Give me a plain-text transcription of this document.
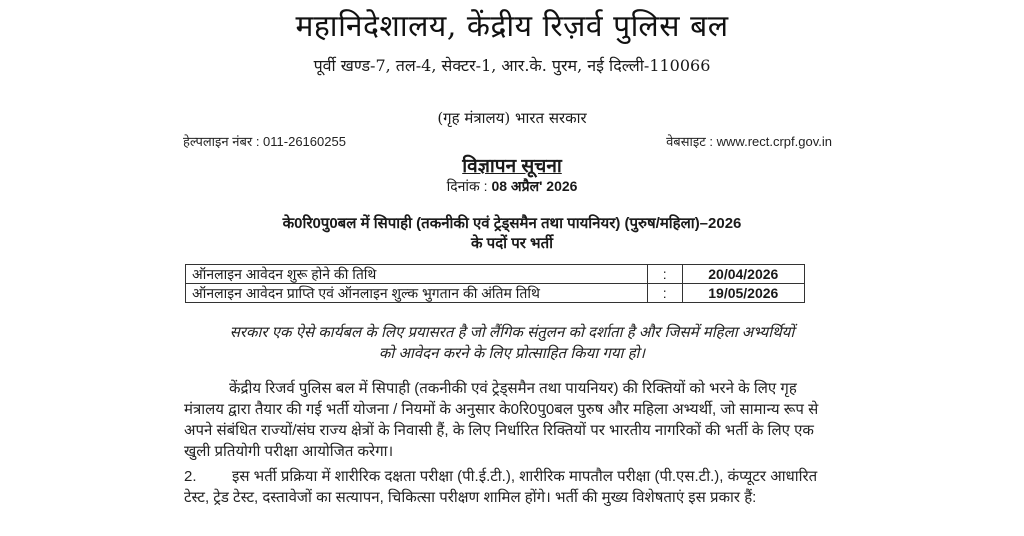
महानिदेशालय, केंद्रीय रिज़र्व पुलिस बल
पूर्वी खण्ड-7, तल-4, सेक्टर-1, आर.के. पुरम, नई दिल्ली-110066
(गृह मंत्रालय) भारत सरकार
हेल्पलाइन नंबर : 011-26160255	वेबसाइट : www.rect.crpf.gov.in
विज्ञापन सूचना
दिनांक : 08 अप्रैल' 2026
के0रि0पु0बल में सिपाही (तकनीकी एवं ट्रेड्समैन तथा पायनियर) (पुरुष/महिला)–2026
के पदों पर भर्ती
ऑनलाइन आवेदन शुरू होने की तिथि	:	20/04/2026
ऑनलाइन आवेदन प्राप्ति एवं ऑनलाइन शुल्क भुगतान की अंतिम तिथि	:	19/05/2026
सरकार एक ऐसे कार्यबल के लिए प्रयासरत है जो लैंगिक संतुलन को दर्शाता है और जिसमें महिला अभ्यर्थियों
को आवेदन करने के लिए प्रोत्साहित किया गया हो।
केंद्रीय रिजर्व पुलिस बल में सिपाही (तकनीकी एवं ट्रेड्समैन तथा पायनियर) की रिक्तियों को भरने के लिए गृह मंत्रालय द्वारा तैयार की गई भर्ती योजना / नियमों के अनुसार के0रि0पु0बल पुरुष और महिला अभ्यर्थी, जो सामान्य रूप से अपने संबंधित राज्यों/संघ राज्य क्षेत्रों के निवासी हैं, के लिए निर्धारित रिक्तियों पर भारतीय नागरिकों की भर्ती के लिए एक खुली प्रतियोगी परीक्षा आयोजित करेगा।
2. इस भर्ती प्रक्रिया में शारीरिक दक्षता परीक्षा (पी.ई.टी.), शारीरिक मापतौल परीक्षा (पी.एस.टी.), कंप्यूटर आधारित टेस्ट, ट्रेड टेस्ट, दस्तावेजों का सत्यापन, चिकित्सा परीक्षण शामिल होंगे। भर्ती की मुख्य विशेषताएं इस प्रकार हैं:
